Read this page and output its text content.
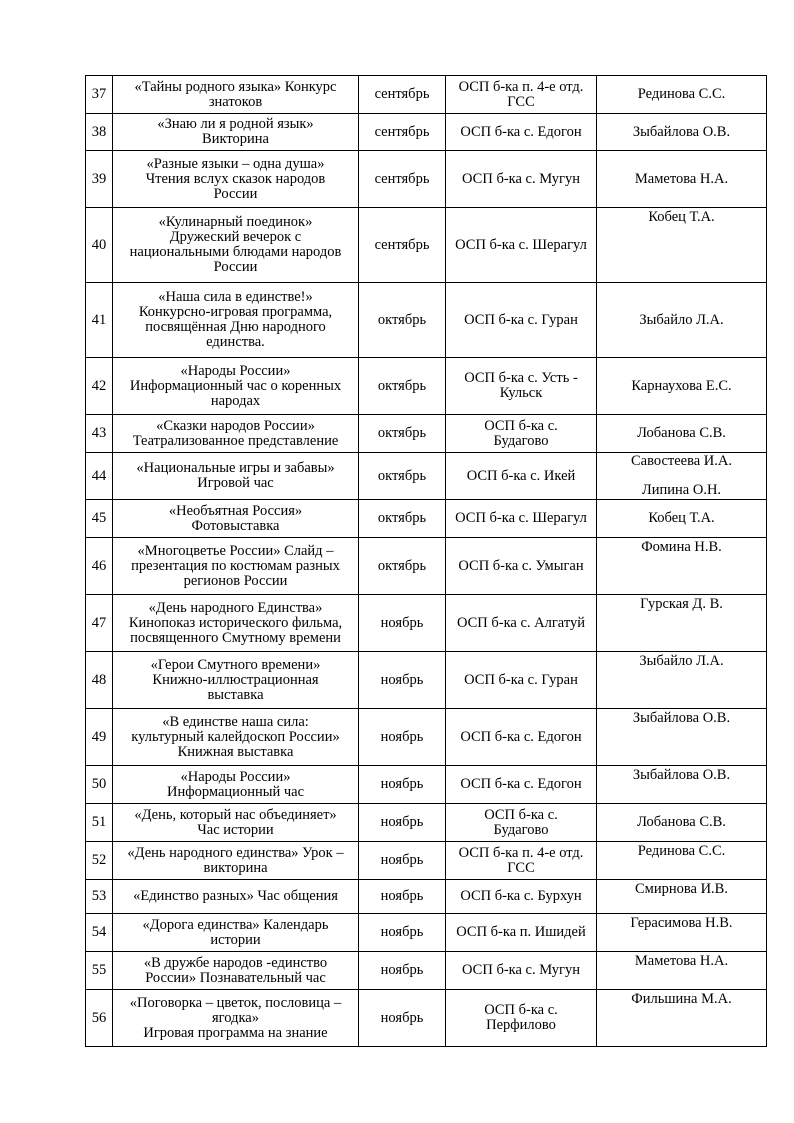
37	«Тайны родного языка» Конкурс
знатоков	сентябрь	ОСП б-ка п. 4-е отд.
ГСС	Рединова С.С.

38	«Знаю ли я родной язык»
Викторина	сентябрь	ОСП б-ка с. Едогон	Зыбайлова О.В.

39	«Разные языки – одна душа»
Чтения вслух сказок народов
России	сентябрь	ОСП б-ка с. Мугун	Маметова Н.А.

40	«Кулинарный поединок»
Дружеский вечерок с
национальными блюдами народов
России	сентябрь	ОСП б-ка с. Шерагул	Кобец Т.А.

41	«Наша сила в единстве!»
Конкурсно-игровая программа,
посвящённая Дню народного
единства.	октябрь	ОСП б-ка с. Гуран	Зыбайло Л.А.

42	«Народы России»
Информационный час о коренных
народах	октябрь	ОСП б-ка с. Усть -
Кульск	Карнаухова Е.С.

43	«Сказки народов России»
Театрализованное представление	октябрь	ОСП б-ка с.
Будагово	Лобанова С.В.

44	«Национальные игры и забавы»
Игровой час	октябрь	ОСП б-ка с. Икей	Савостеева И.А.
Липина О.Н.

45	«Необъятная Россия»
Фотовыставка	октябрь	ОСП б-ка с. Шерагул	Кобец Т.А.

46	«Многоцветье России» Слайд –
презентация по костюмам разных
регионов России	октябрь	ОСП б-ка с. Умыган	Фомина Н.В.

47	«День народного Единства»
Кинопоказ исторического фильма,
посвященного Смутному времени	ноябрь	ОСП б-ка с. Алгатуй	Гурская Д. В.

48	«Герои Смутного времени»
Книжно-иллюстрационная
выставка	ноябрь	ОСП б-ка с. Гуран	Зыбайло Л.А.

49	«В единстве наша сила:
культурный калейдоскоп России»
Книжная выставка	ноябрь	ОСП б-ка с. Едогон	Зыбайлова О.В.

50	«Народы России»
Информационный час	ноябрь	ОСП б-ка с. Едогон	Зыбайлова О.В.

51	«День, который нас объединяет»
Час истории	ноябрь	ОСП б-ка с.
Будагово	Лобанова С.В.

52	«День народного единства» Урок –
викторина	ноябрь	ОСП б-ка п. 4-е отд.
ГСС	Рединова С.С.

53	«Единство разных» Час общения	ноябрь	ОСП б-ка с. Бурхун	Смирнова И.В.

54	«Дорога единства» Календарь
истории	ноябрь	ОСП б-ка п. Ишидей	Герасимова Н.В.

55	«В дружбе народов -единство
России» Познавательный час	ноябрь	ОСП б-ка с. Мугун	Маметова Н.А.

56	«Поговорка – цветок, пословица –
ягодка»
Игровая программа на знание	ноябрь	ОСП б-ка с.
Перфилово	Фильшина М.А.
